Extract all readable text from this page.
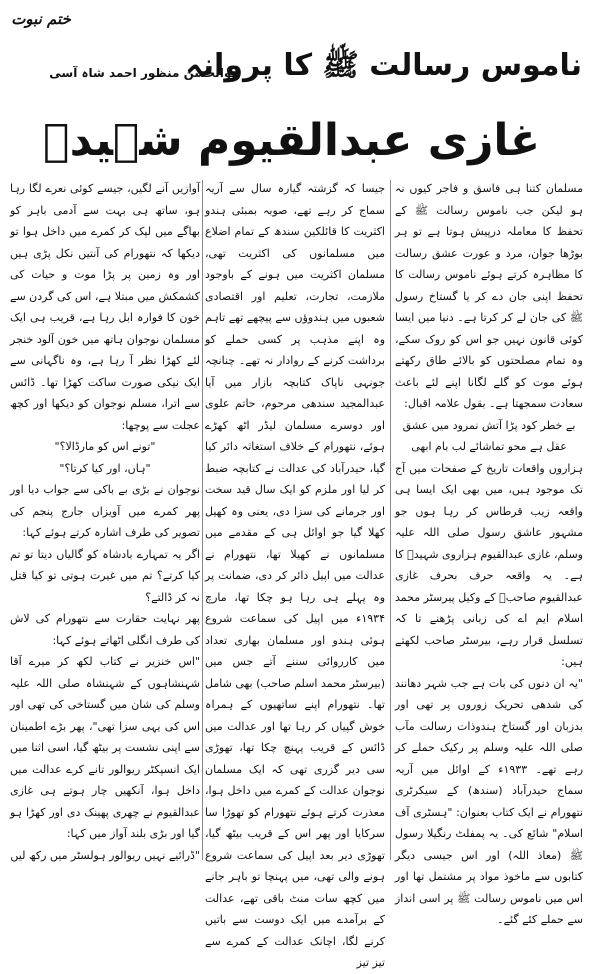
ختم نبوت
ناموس رسالت ﷺ کا پروانہ
ابوالحسن منظور احمد شاہ آسی
غازی عبدالقیوم شہیدؒ

مسلمان کتنا ہی فاسق و فاجر کیوں نہ ہو لیکن جب ناموس رسالت ﷺ کے تحفظ کا معاملہ درپیش ہوتا ہے تو ہر بوڑھا جوان، مرد و عورت عشق رسالت کا مظاہرہ کرتے ہوئے ناموس رسالت کا تحفظ اپنی جان دے کر یا گستاخ رسول ﷺ کی جان لے کر کرتا ہے۔ دنیا میں ایسا کوئی قانون نہیں جو اس کو روک سکے، وہ تمام مصلحتوں کو بالائے طاق رکھتے ہوئے موت کو گلے لگانا اپنے لئے باعث سعادت سمجھتا ہے۔ بقول علامہ اقبال:

بے خطر کود پڑا آتش نمرود میں عشق

عقل ہے محو تماشائے لب بام ابھی

ہزاروں واقعات تاریخ کے صفحات میں آج تک موجود ہیں، میں بھی ایک ایسا ہی واقعہ زیب قرطاس کر رہا ہوں جو مشہور عاشق رسول صلی اللہ علیہ وسلم، غازی عبدالقیوم ہزاروی شہیدؒ کا ہے۔ یہ واقعہ حرف بحرف غازی عبدالقیوم صاحبؒ کے وکیل پیرسٹر محمد اسلام ایم اے کی زبانی پڑھنے تا کہ تسلسل قرار رہے، بیرسٹر صاحب لکھتے ہیں:

"یہ ان دنوں کی بات ہے جب شہر دھانند کی شدھی تحریک زوروں پر تھی اور بدزبان اور گستاخ ہندوذات رسالت مآب صلی اللہ علیہ وسلم پر رکیک حملے کر رہے تھے۔ ۱۹۳۳ء کے اوائل میں آریہ سماج حیدرآباد (سندھ) کے سیکرٹری نتھورام نے ایک کتاب بعنوان: "ہسٹری آف اسلام" شائع کی۔ یہ پمفلٹ رنگیلا رسول ﷺ (معاذ اللہ) اور اس جیسی دیگر کتابوں سے ماخوذ مواد پر مشتمل تھا اور اس میں ناموس رسالت ﷺ پر اسی انداز سے حملے کئے گئے۔

جیسا کہ گزشتہ گیارہ سال سے آریہ سماج کر رہے تھے، صوبہ بمبئی ہندو اکثریت کا قائلکین سندھ کے تمام اضلاع میں مسلمانوں کی اکثریت تھی، مسلمان اکثریت میں ہونے کے باوجود ملازمت، تجارت، تعلیم اور اقتصادی شعبوں میں ہندوؤں سے پیچھے تھے تاہم وہ اپنے مذہب پر کسی حملے کو برداشت کرنے کے روادار نہ تھے۔ چنانچہ جونہی ناپاک کتابچہ بازار میں آیا عبدالمجید سندھی مرحوم، حاتم علوی اور دوسرے مسلمان لیڈر اٹھ کھڑے ہوئے، نتھورام کے خلاف استغاثہ دائر کیا گیا، حیدرآباد کی عدالت نے کتابچہ ضبط کر لیا اور ملزم کو ایک سال قید سخت اور جرمانے کی سزا دی، یعنی وہ کھیل کھلا گیا جو اوائل ہی کے مقدمے میں مسلمانوں نے کھیلا تھا، نتھورام نے عدالت میں اپیل دائر کر دی، ضمانت پر وہ پہلے ہی رہا ہو چکا تھا، مارچ ۱۹۳۴ء میں اپیل کی سماعت شروع ہوئی ہندو اور مسلمان بھاری تعداد میں کارروائی سننے آتے جس میں (بیرسٹر محمد اسلم صاحب) بھی شامل تھا۔ نتھورام اپنے ساتھیوں کے ہمراہ خوش گپیاں کر رہا تھا اور عدالت میں ڈائس کے قریب پہنچ چکا تھا، تھوڑی سی دیر گزری تھی کہ ایک مسلمان نوجوان عدالت کے کمرے میں داخل ہوا، معذرت کرتے ہوئے نتھورام کو تھوڑا سا سرکایا اور پھر اس کے قریب بیٹھ گیا، تھوڑی دیر بعد اپیل کی سماعت شروع ہونے والی تھی، میں پہنچا تو باہر جانے میں کچھ سات منٹ باقی تھے، عدالت کے برآمدے میں ایک دوست سے باتیں کرنے لگا، اچانک عدالت کے کمرے سے تیز تیز

آوازیں آنے لگیں، جیسے کوئی نعرے لگا رہا ہو، ساتھ ہی بہت سے آدمی باہر کو بھاگے میں لپک کر کمرے میں داخل ہوا تو دیکھا کہ نتھورام کی آنتیں نکل پڑی ہیں اور وہ زمین پر پڑا موت و حیات کی کشمکش میں مبتلا ہے، اس کی گردن سے خون کا فوارہ ابل رہا ہے، قریب ہی ایک مسلمان نوجوان ہاتھ میں خون آلود خنجر لئے کھڑا نظر آ رہا ہے، وہ ناگہانی سے ایک نیکی صورت ساکت کھڑا تھا۔ ڈائس سے اترا، مسلم نوجوان کو دیکھا اور کچھ عجلت سے پوچھا:

"تونے اس کو مارڈالا؟"

"ہاں، اور کیا کرتا؟"

نوجوان نے بڑی بے باکی سے جواب دیا اور پھر کمرے میں آویزاں جارج پنجم کی تصویر کی طرف اشارہ کرتے ہوئے کہا:

اگر یہ تمہارے بادشاہ کو گالیاں دیتا تو تم کیا کرتے؟ تم میں غیرت ہوتی تو کیا قتل نہ کر ڈالتے؟

پھر نہایت حقارت سے نتھورام کی لاش کی طرف انگلی اٹھاتے ہوئے کہا:

"اس خنزیر نے کتاب لکھ کر میرے آقا شہنشاہوں کے شہنشاہ صلی اللہ علیہ وسلم کی شان میں گستاخی کی تھی اور اس کی یہی سزا تھی"، پھر بڑے اطمینان سے اپنی نشست پر بیٹھ گیا، اسی اثنا میں ایک انسپکٹر ریوالور تانے کرے عدالت میں داخل ہوا، آنکھیں چار ہوتے ہی غازی عبدالقیوم نے چھری پھینک دی اور کھڑا ہو گیا اور بڑی بلند آواز میں کہا:

"ڈرائیے نہیں ریوالور ہولسٹر میں رکھ لیں
